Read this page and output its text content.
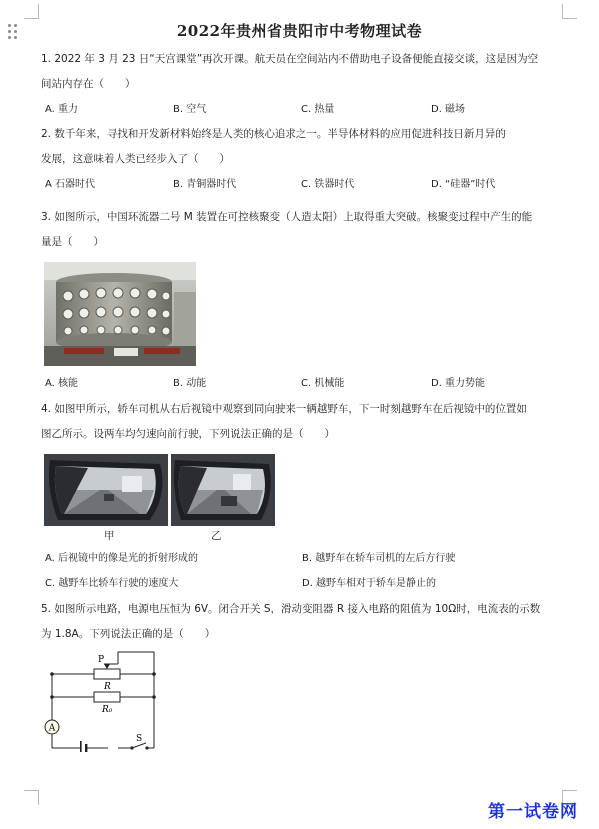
2022年贵州省贵阳市中考物理试卷
1. 2022 年 3 月 23 日“天宫课堂”再次开课。航天员在空间站内不借助电子设备便能直接交谈，这是因为空
间站内存在（　　）
A. 重力	B. 空气	C. 热量	D. 磁场
2. 数千年来，寻找和开发新材料始终是人类的核心追求之一。半导体材料的应用促进科技日新月异的
发展，这意味着人类已经步入了（　　）
A 石器时代	B. 青铜器时代	C. 铁器时代	D. “硅器”时代
3. 如图所示，中国环流器二号 M 装置在可控核聚变（人造太阳）上取得重大突破。核聚变过程中产生的能
量是（　　）
A. 核能	B. 动能	C. 机械能	D. 重力势能
4. 如图甲所示，轿车司机从右后视镜中观察到同向驶来一辆越野车，下一时刻越野车在后视镜中的位置如
图乙所示。设两车均匀速向前行驶，下列说法正确的是（　　）
甲	乙
A. 后视镜中的像是光的折射形成的	B. 越野车在轿车司机的左后方行驶
C. 越野车比轿车行驶的速度大	D. 越野车相对于轿车是静止的
5. 如图所示电路，电源电压恒为 6V。闭合开关 S，滑动变阻器 R 接入电路的阻值为 10Ω时，电流表的示数
为 1.8A。下列说法正确的是（　　）
A
P
R
R₀
S
第一试卷网
